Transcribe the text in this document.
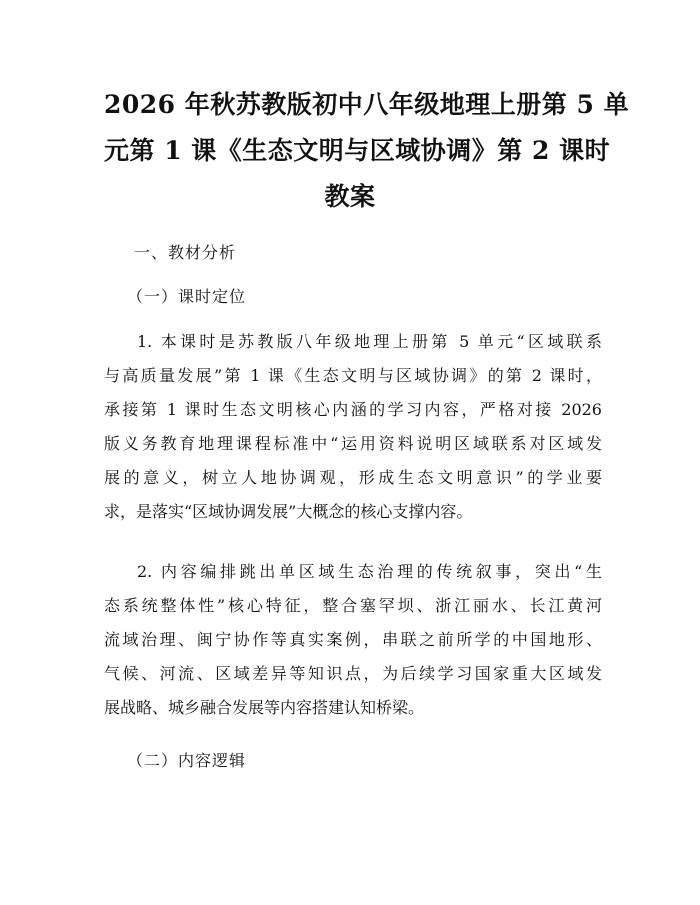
2026 年秋苏教版初中八年级地理上册第 5 单
元第 1 课《生态文明与区域协调》第 2 课时
教案
一、教材分析
（一）课时定位
1. 本课时是苏教版八年级地理上册第 5 单元“区域联系
与高质量发展”第 1 课《生态文明与区域协调》的第 2 课时，
承接第 1 课时生态文明核心内涵的学习内容，严格对接 2026
版义务教育地理课程标准中“运用资料说明区域联系对区域发
展的意义，树立人地协调观，形成生态文明意识”的学业要
求，是落实“区域协调发展”大概念的核心支撑内容。
2. 内容编排跳出单区域生态治理的传统叙事，突出“生
态系统整体性”核心特征，整合塞罕坝、浙江丽水、长江黄河
流域治理、闽宁协作等真实案例，串联之前所学的中国地形、
气候、河流、区域差异等知识点，为后续学习国家重大区域发
展战略、城乡融合发展等内容搭建认知桥梁。
（二）内容逻辑
